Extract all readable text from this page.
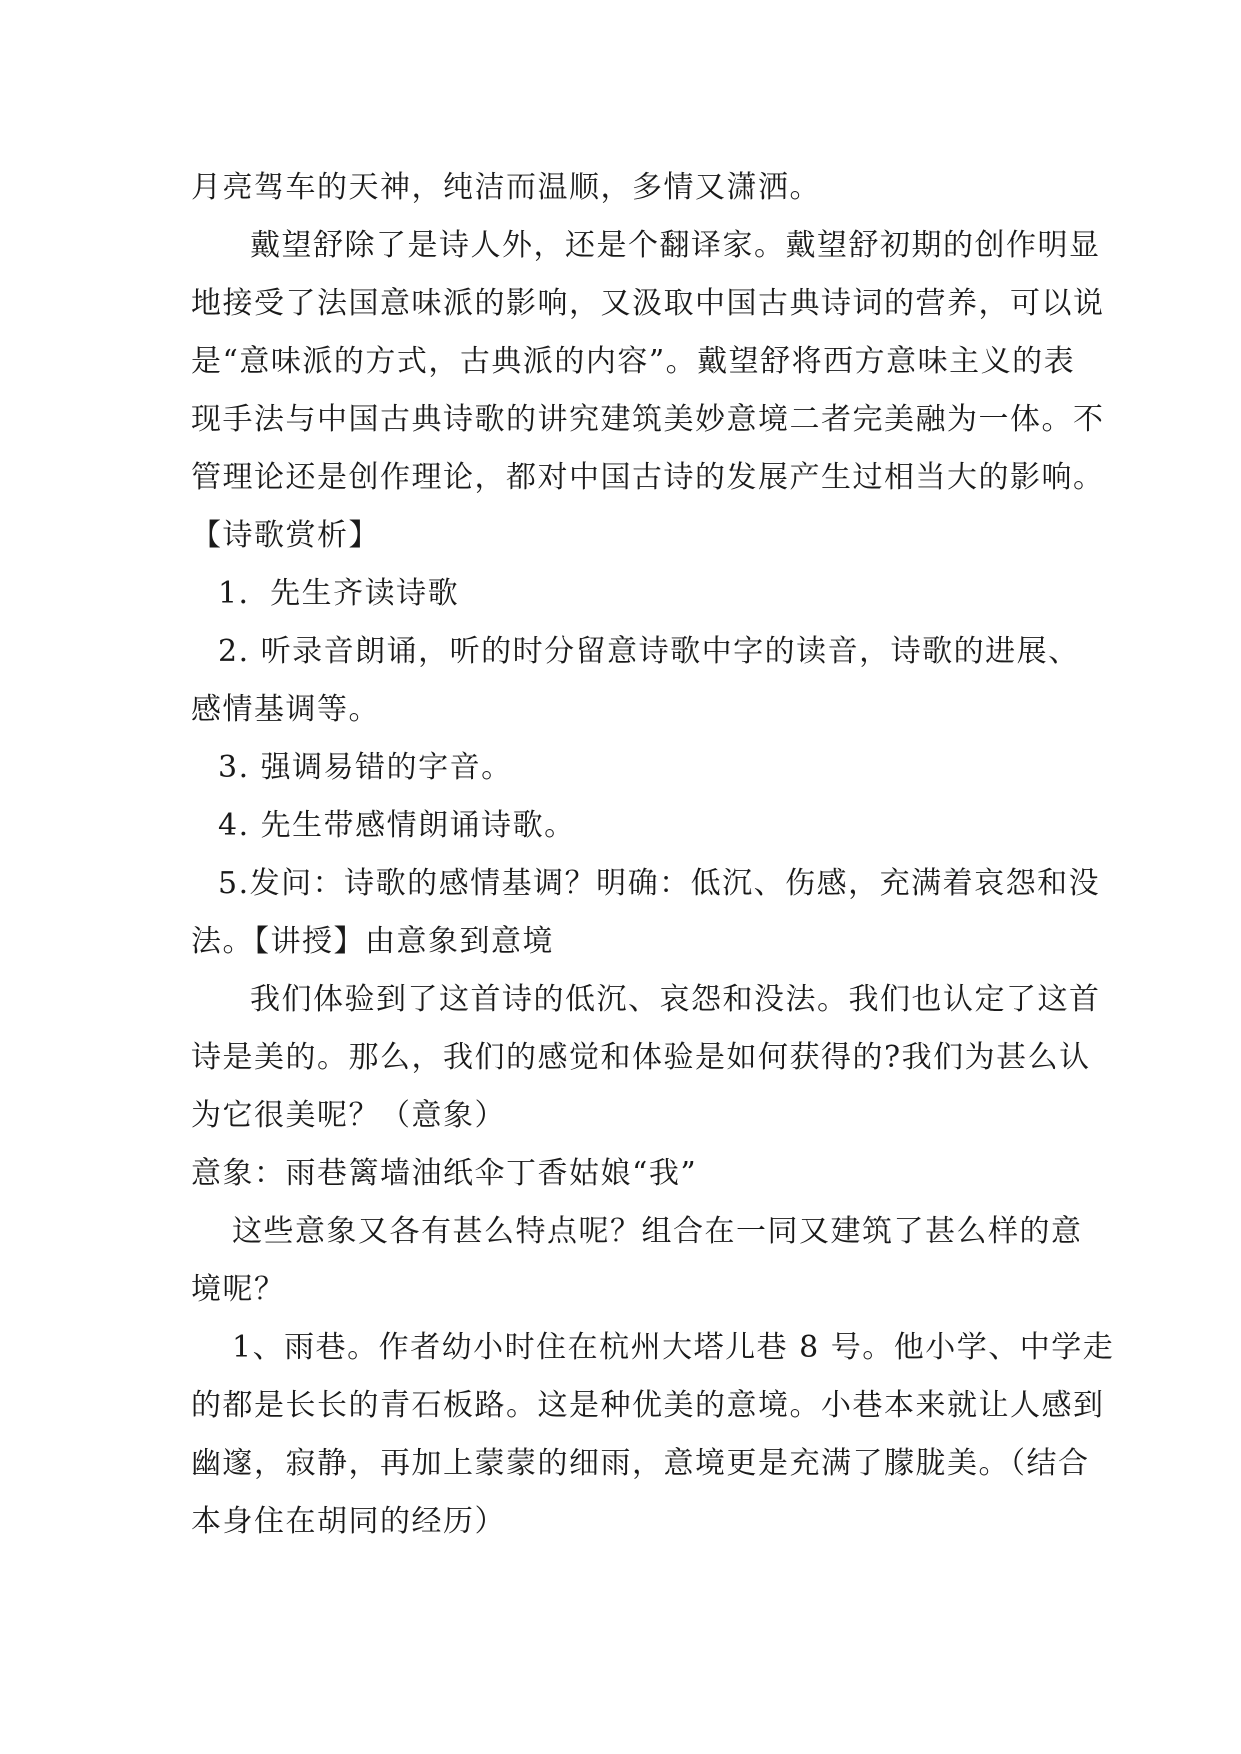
月亮驾车的天神，纯洁而温顺，多情又潇洒。
戴望舒除了是诗人外，还是个翻译家。戴望舒初期的创作明显
地接受了法国意味派的影响，又汲取中国古典诗词的营养，可以说
是“意味派的方式，古典派的内容”。戴望舒将西方意味主义的表
现手法与中国古典诗歌的讲究建筑美妙意境二者完美融为一体。不
管理论还是创作理论，都对中国古诗的发展产生过相当大的影响。
【诗歌赏析】
1．先生齐读诗歌
2. 听录音朗诵，听的时分留意诗歌中字的读音，诗歌的进展、
感情基调等。
3. 强调易错的字音。
4. 先生带感情朗诵诗歌。
5.发问：诗歌的感情基调？明确：低沉、伤感，充满着哀怨和没
法。【讲授】由意象到意境
我们体验到了这首诗的低沉、哀怨和没法。我们也认定了这首
诗是美的。那么，我们的感觉和体验是如何获得的?我们为甚么认
为它很美呢？（意象）
意象：雨巷篱墙油纸伞丁香姑娘“我”
这些意象又各有甚么特点呢？组合在一同又建筑了甚么样的意
境呢？
1、雨巷。作者幼小时住在杭州大塔儿巷 8 号。他小学、中学走
的都是长长的青石板路。这是种优美的意境。小巷本来就让人感到
幽邃，寂静，再加上蒙蒙的细雨，意境更是充满了朦胧美。（结合
本身住在胡同的经历）
